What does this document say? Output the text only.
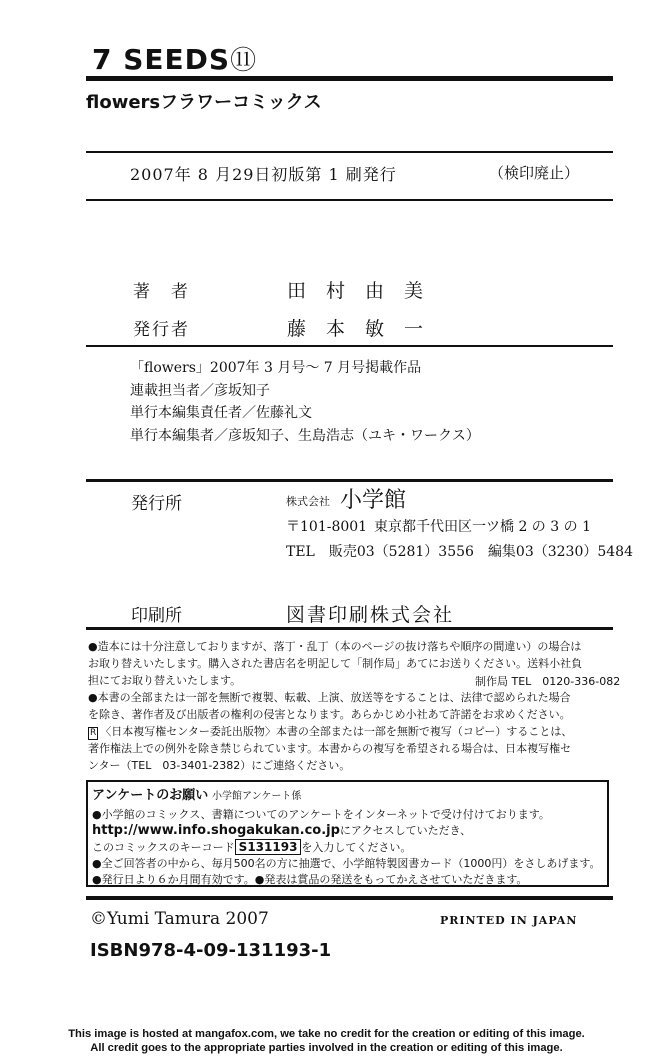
7 SEEDS⑪
flowersフラワーコミックス
2007年 8 月29日初版第 1 刷発行	（検印廃止）
著　者	田村由美
発行者	藤本敏一
「flowers」2007年 3 月号～ 7 月号掲載作品
連載担当者／彦坂知子
単行本編集責任者／佐藤礼文
単行本編集者／彦坂知子、生島浩志（ユキ・ワークス）
発行所	株式会社 小学館
〒101-8001 東京都千代田区一ツ橋 2 の 3 の 1
TEL　販売03（5281）3556　編集03（3230）5484
印刷所	図書印刷株式会社
●造本には十分注意しておりますが、落丁・乱丁（本のページの抜け落ちや順序の間違い）の場合は
お取り替えいたします。購入された書店名を明記して「制作局」あてにお送りください。送料小社負
担にてお取り替えいたします。	制作局 TEL　0120-336-082
●本書の全部または一部を無断で複製、転載、上演、放送等をすることは、法律で認められた場合
を除き、著作者及び出版者の権利の侵害となります。あらかじめ小社あて許諾をお求めください。
R 〈日本複写権センター委託出版物〉本書の全部または一部を無断で複写（コピー）することは、
著作権法上での例外を除き禁じられています。本書からの複写を希望される場合は、日本複写権セ
ンター（TEL　03-3401-2382）にご連絡ください。
アンケートのお願い 小学館アンケート係
●小学館のコミックス、書籍についてのアンケートをインターネットで受け付けております。
http://www.info.shogakukan.co.jpにアクセスしていただき、
このコミックスのキーコード S131193 を入力してください。
●全ご回答者の中から、毎月500名の方に抽選で、小学館特製図書カード（1000円）をさしあげます。
●発行日より６か月間有効です。●発表は賞品の発送をもってかえさせていただきます。
©Yumi Tamura 2007	PRINTED IN JAPAN
ISBN978-4-09-131193-1
This image is hosted at mangafox.com, we take no credit for the creation or editing of this image.
All credit goes to the appropriate parties involved in the creation or editing of this image.
